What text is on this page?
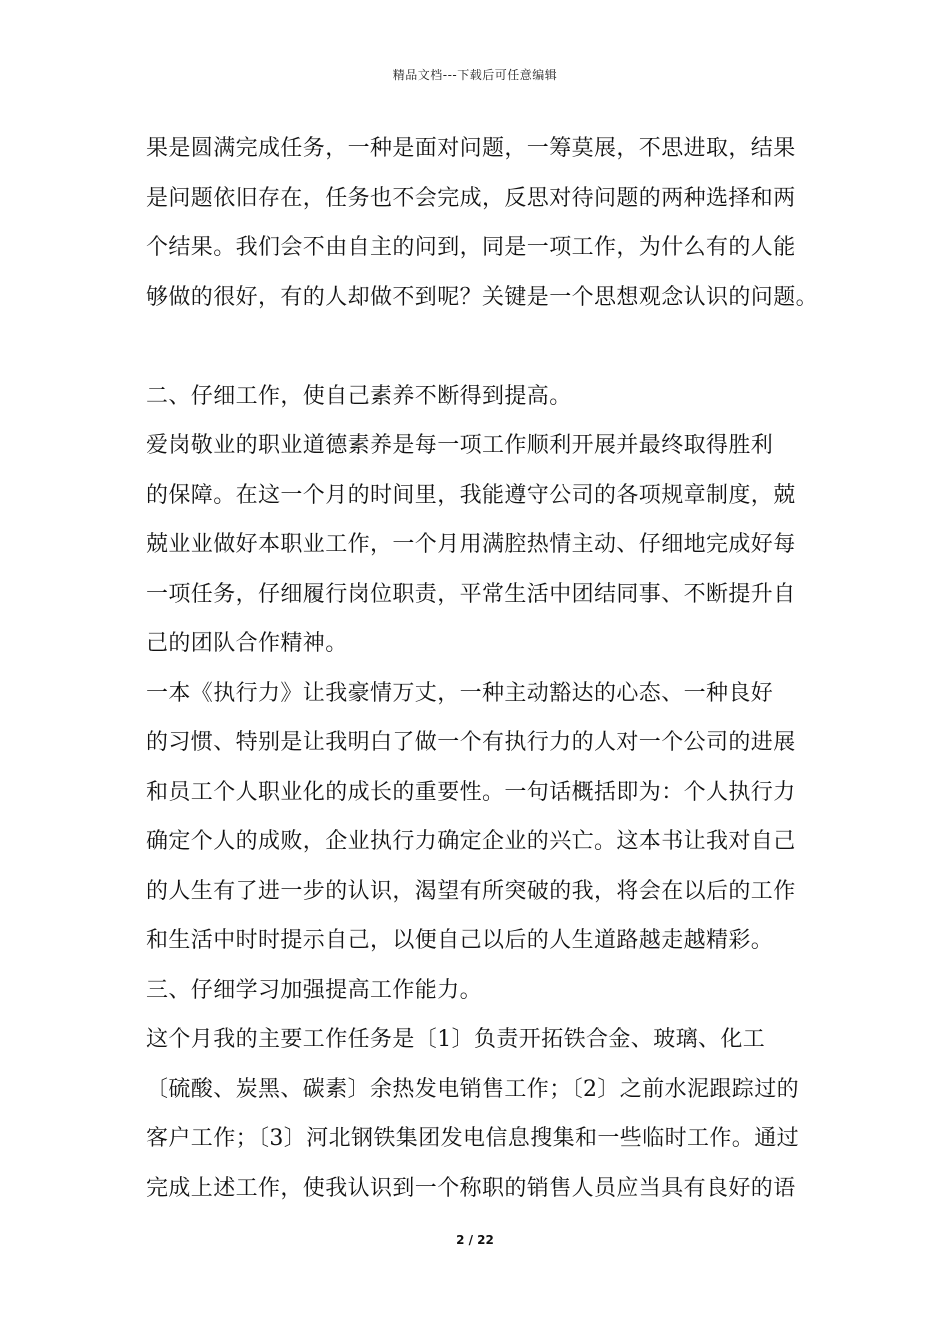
精品文档---下载后可任意编辑
果是圆满完成任务，一种是面对问题，一筹莫展，不思进取，结果
是问题依旧存在，任务也不会完成，反思对待问题的两种选择和两
个结果。我们会不由自主的问到，同是一项工作，为什么有的人能
够做的很好，有的人却做不到呢？关键是一个思想观念认识的问题。
二、仔细工作，使自己素养不断得到提高。
爱岗敬业的职业道德素养是每一项工作顺利开展并最终取得胜利
的保障。在这一个月的时间里，我能遵守公司的各项规章制度，兢
兢业业做好本职业工作，一个月用满腔热情主动、仔细地完成好每
一项任务，仔细履行岗位职责，平常生活中团结同事、不断提升自
己的团队合作精神。
一本《执行力》让我豪情万丈，一种主动豁达的心态、一种良好
的习惯、特别是让我明白了做一个有执行力的人对一个公司的进展
和员工个人职业化的成长的重要性。一句话概括即为：个人执行力
确定个人的成败，企业执行力确定企业的兴亡。这本书让我对自己
的人生有了进一步的认识，渴望有所突破的我，将会在以后的工作
和生活中时时提示自己，以便自己以后的人生道路越走越精彩。
三、仔细学习加强提高工作能力。
这个月我的主要工作任务是〔1〕负责开拓铁合金、玻璃、化工
〔硫酸、炭黑、碳素〕余热发电销售工作；〔2〕之前水泥跟踪过的
客户工作；〔3〕河北钢铁集团发电信息搜集和一些临时工作。通过
完成上述工作，使我认识到一个称职的销售人员应当具有良好的语
2 / 22
